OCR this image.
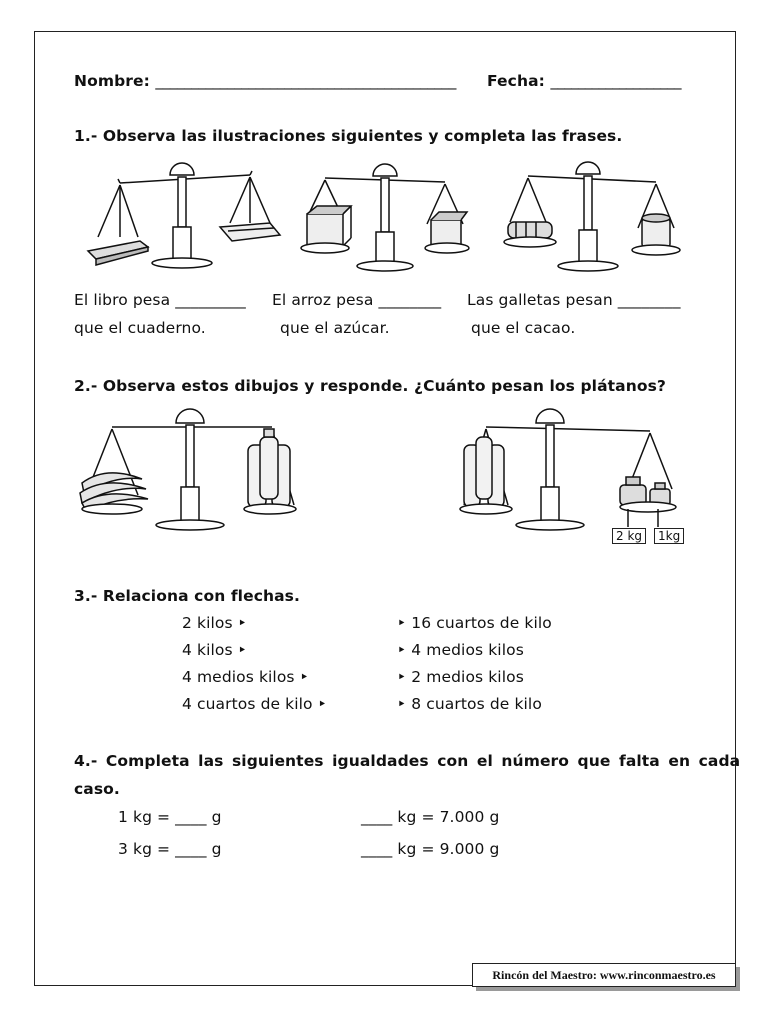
Nombre: __________________________________________ Fecha: ___________________
1.- Observa las ilustraciones siguientes y completa las frases.
El libro pesa _________
que el cuaderno.
El arroz pesa ________
que el azúcar.
Las galletas pesan ________
que el cacao.
2.- Observa estos dibujos y responde. ¿Cuánto pesan los plátanos?
2 kg	1kg
3.- Relaciona con flechas.
2 kilos ‣
4 kilos ‣
4 medios kilos ‣
4 cuartos de kilo ‣
‣ 16 cuartos de kilo
‣ 4 medios kilos
‣ 2 medios kilos
‣ 8 cuartos de kilo
4.- Completa las siguientes igualdades con el número que falta en cada
caso.
1 kg = ____ g
3 kg = ____ g
____ kg = 7.000 g
____ kg = 9.000 g
Rincón del Maestro: www.rinconmaestro.es
